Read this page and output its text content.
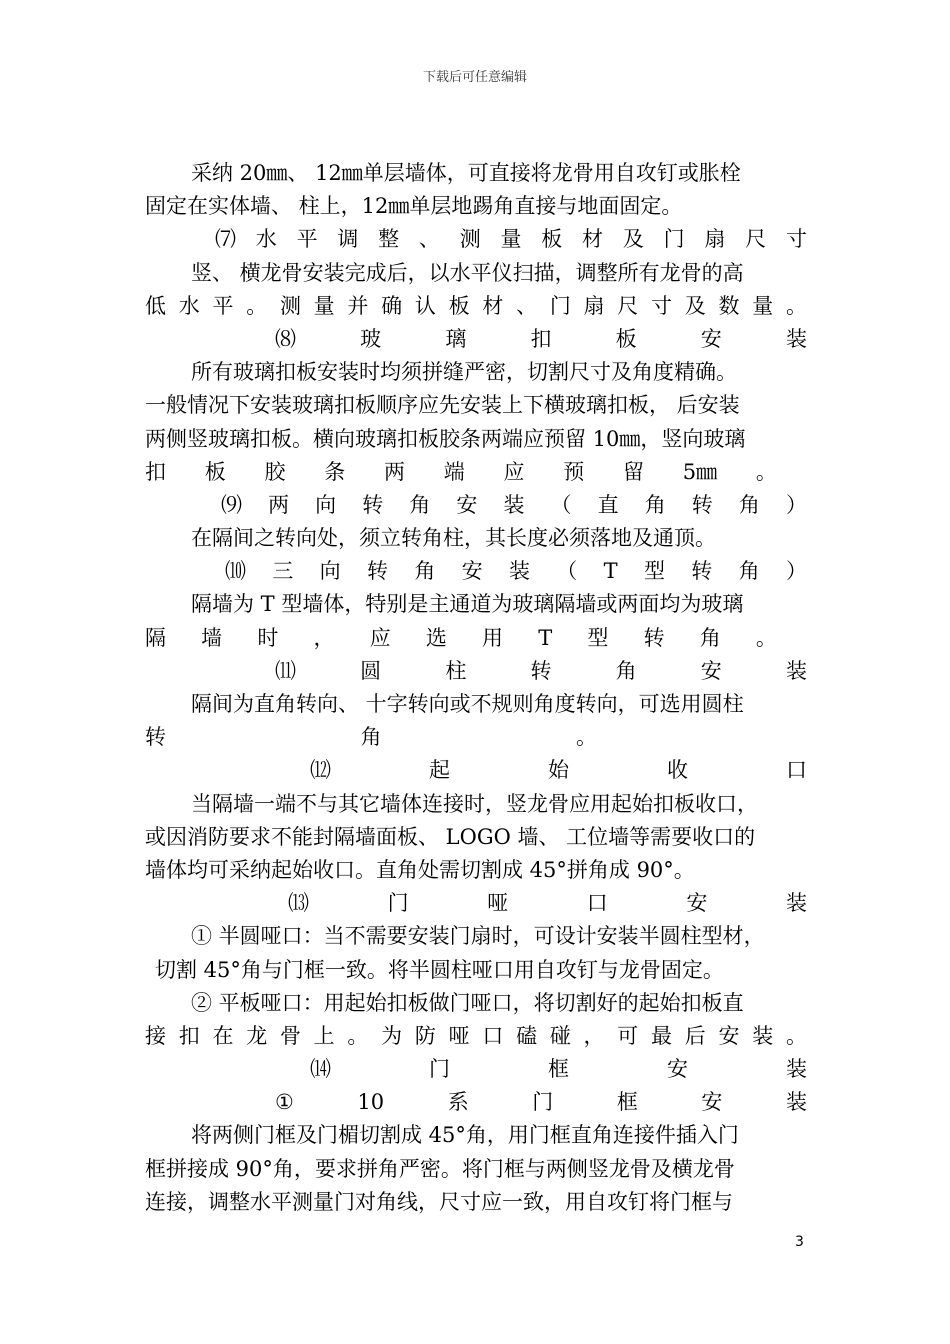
下载后可任意编辑
采纳 20㎜、 12㎜单层墙体，可直接将龙骨用自攻钉或胀栓
固定在实体墙、 柱上，12㎜单层地踢角直接与地面固定。
⑺ 水 平 调 整 、 测 量 板 材 及 门 扇 尺 寸
竖、 横龙骨安装完成后，以水平仪扫描，调整所有龙骨的高
低 水 平 。 测 量 并 确 认 板 材 、 门 扇 尺 寸 及 数 量 。
⑻	玻	璃	扣	板	安	装
所有玻璃扣板安装时均须拼缝严密，切割尺寸及角度精确。
一般情况下安装玻璃扣板顺序应先安装上下横玻璃扣板， 后安装
两侧竖玻璃扣板。横向玻璃扣板胶条两端应预留 10㎜，竖向玻璃
扣 板 胶 条 两 端 应 预 留 5㎜ 。
⑼ 两 向 转 角 安 装 （ 直 角 转 角 ）
在隔间之转向处，须立转角柱，其长度必须落地及通顶。
⑽ 三 向 转 角 安 装 （ T 型 转 角 ）
隔墙为 T 型墙体，特别是主通道为玻璃隔墙或两面均为玻璃
隔 墙 时 ， 应 选 用 T 型 转 角 。
⑾	圆	柱	转	角	安	装
隔间为直角转向、 十字转向或不规则角度转向，可选用圆柱
转	角	。
⑿	起	始	收	口
当隔墙一端不与其它墙体连接时，竖龙骨应用起始扣板收口，
或因消防要求不能封隔墙面板、 LOGO 墙、 工位墙等需要收口的
墙体均可采纳起始收口。直角处需切割成 45°拼角成 90°。
⒀	门	哑	口	安	装
① 半圆哑口：当不需要安装门扇时，可设计安装半圆柱型材，
切割 45°角与门框一致。将半圆柱哑口用自攻钉与龙骨固定。
② 平板哑口：用起始扣板做门哑口，将切割好的起始扣板直
接 扣 在 龙 骨 上 。 为 防 哑 口 磕 碰 ， 可 最 后 安 装 。
⒁	门	框	安	装
①	10	系	门	框	安	装
将两侧门框及门楣切割成 45°角，用门框直角连接件插入门
框拼接成 90°角，要求拼角严密。将门框与两侧竖龙骨及横龙骨
连接，调整水平测量门对角线，尺寸应一致，用自攻钉将门框与
3
